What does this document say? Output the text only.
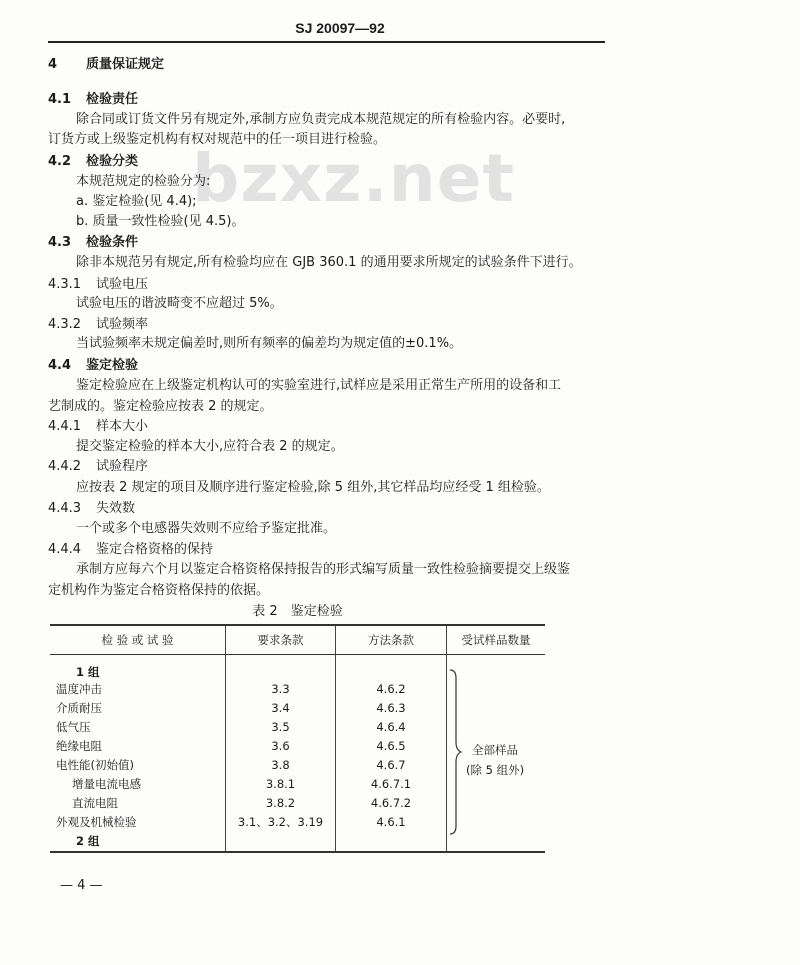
bzxz.net
SJ 20097—92
4 质量保证规定
4.1 检验责任
除合同或订货文件另有规定外,承制方应负责完成本规范规定的所有检验内容。必要时,
订货方或上级鉴定机构有权对规范中的任一项目进行检验。
4.2 检验分类
本规范规定的检验分为:
a. 鉴定检验(见 4.4);
b. 质量一致性检验(见 4.5)。
4.3 检验条件
除非本规范另有规定,所有检验均应在 GJB 360.1 的通用要求所规定的试验条件下进行。
4.3.1 试验电压
试验电压的谐波畸变不应超过 5%。
4.3.2 试验频率
当试验频率未规定偏差时,则所有频率的偏差均为规定值的±0.1%。
4.4 鉴定检验
鉴定检验应在上级鉴定机构认可的实验室进行,试样应是采用正常生产所用的设备和工
艺制成的。鉴定检验应按表 2 的规定。
4.4.1 样本大小
提交鉴定检验的样本大小,应符合表 2 的规定。
4.4.2 试验程序
应按表 2 规定的项目及顺序进行鉴定检验,除 5 组外,其它样品均应经受 1 组检验。
4.4.3 失效数
一个或多个电感器失效则不应给予鉴定批准。
4.4.4 鉴定合格资格的保持
承制方应每六个月以鉴定合格资格保持报告的形式编写质量一致性检验摘要提交上级鉴
定机构作为鉴定合格资格保持的依据。
表 2　鉴定检验
检 验 或 试 验	要求条款	方法条款	受试样品数量
1 组			
温度冲击	3.3	4.6.2	
介质耐压	3.4	4.6.3	
低气压	3.5	4.6.4	
绝缘电阻	3.6	4.6.5	
电性能(初始值)	3.8	4.6.7	
增量电流电感	3.8.1	4.6.7.1	
直流电阻	3.8.2	4.6.7.2	
外观及机械检验	3.1、3.2、3.19	4.6.1	
2 组			
全部样品
(除 5 组外)
— 4 —
